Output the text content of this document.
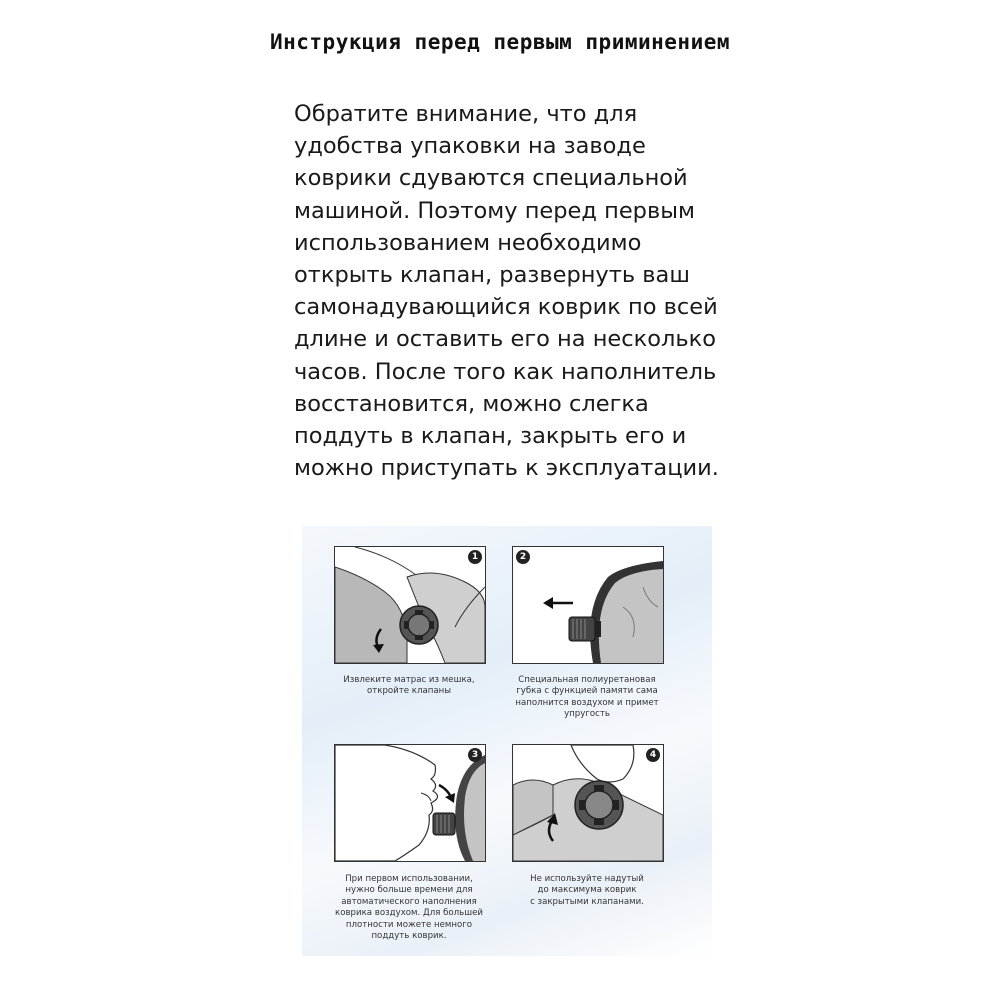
Инструкция перед первым приминением

Обратите внимание, что для
удобства упаковки на заводе
коврики сдуваются специальной
машиной. Поэтому перед первым
использованием необходимо
открыть клапан, развернуть ваш
самонадувающийся коврик по всей
длине и оставить его на несколько
часов. После того как наполнитель
восстановится, можно слегка
поддуть в клапан, закрыть его и
можно приступать к эксплуатации.

1

Извлеките матрас из мешка,
откройте клапаны

2

Специальная полиуретановая
губка с функцией памяти сама
наполнится воздухом и примет
упругость

3

При первом использовании,
нужно больше времени для
автоматического наполнения
коврика воздухом. Для большей
плотности можете немного
поддуть коврик.

4

Не используйте надутый
до максимума коврик
с закрытыми клапанами.
